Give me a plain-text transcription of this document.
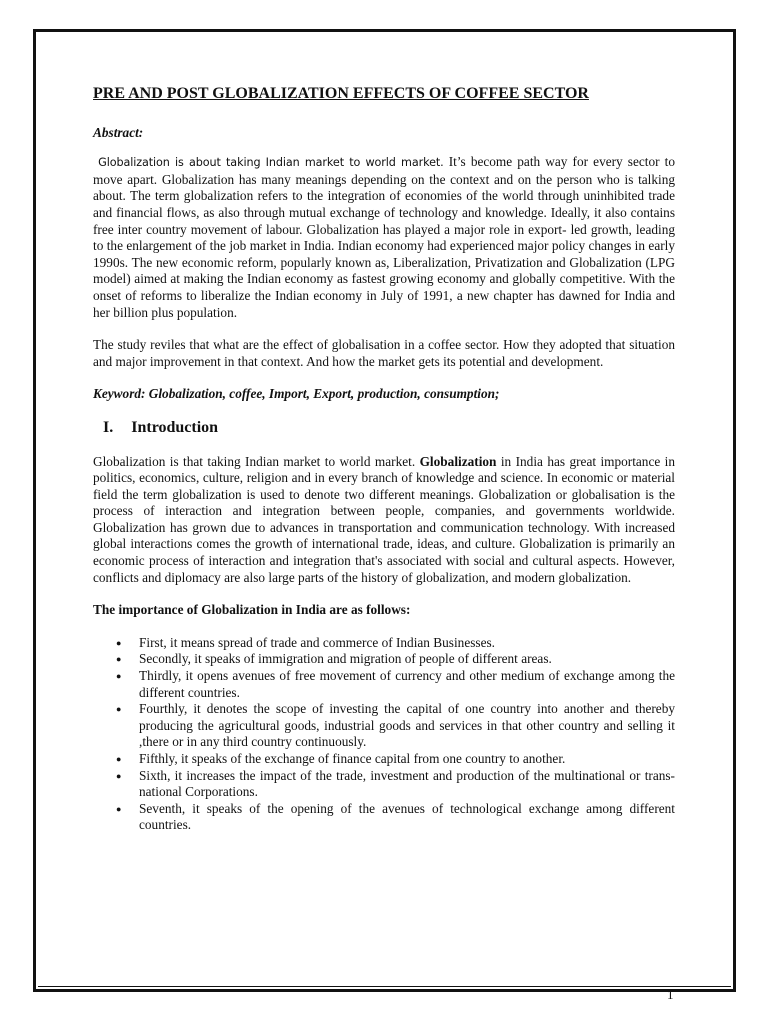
PRE AND POST GLOBALIZATION EFFECTS OF COFFEE SECTOR

Abstract:

Globalization is about taking Indian market to world market. It’s become path way for every sector to move apart. Globalization has many meanings depending on the context and on the person who is talking about. The term globalization refers to the integration of economies of the world through uninhibited trade and financial flows, as also through mutual exchange of technology and knowledge. Ideally, it also contains free inter country movement of labour. Globalization has played a major role in export- led growth, leading to the enlargement of the job market in India. Indian economy had experienced major policy changes in early 1990s. The new economic reform, popularly known as, Liberalization, Privatization and Globalization (LPG model) aimed at making the Indian economy as fastest growing economy and globally competitive. With the onset of reforms to liberalize the Indian economy in July of 1991, a new chapter has dawned for India and her billion plus population.

The study reviles that what are the effect of globalisation in a coffee sector. How they adopted that situation and major improvement in that context. And how the market gets its potential and development.

Keyword: Globalization, coffee, Import, Export, production, consumption;

I. Introduction

Globalization is that taking Indian market to world market. Globalization in India has great importance in politics, economics, culture, religion and in every branch of knowledge and science. In economic or material field the term globalization is used to denote two different meanings. Globalization or globalisation is the process of interaction and integration between people, companies, and governments worldwide. Globalization has grown due to advances in transportation and communication technology. With increased global interactions comes the growth of international trade, ideas, and culture. Globalization is primarily an economic process of interaction and integration that's associated with social and cultural aspects. However, conflicts and diplomacy are also large parts of the history of globalization, and modern globalization.

The importance of Globalization in India are as follows:

● First, it means spread of trade and commerce of Indian Businesses.
● Secondly, it speaks of immigration and migration of people of different areas.
● Thirdly, it opens avenues of free movement of currency and other medium of exchange among the different countries.
● Fourthly, it denotes the scope of investing the capital of one country into another and thereby producing the agricultural goods, industrial goods and services in that other country and selling it ,there or in any third country continuously.
● Fifthly, it speaks of the exchange of finance capital from one country to another.
● Sixth, it increases the impact of the trade, investment and production of the multinational or trans-national Corporations.
● Seventh, it speaks of the opening of the avenues of technological exchange among different countries.
1
